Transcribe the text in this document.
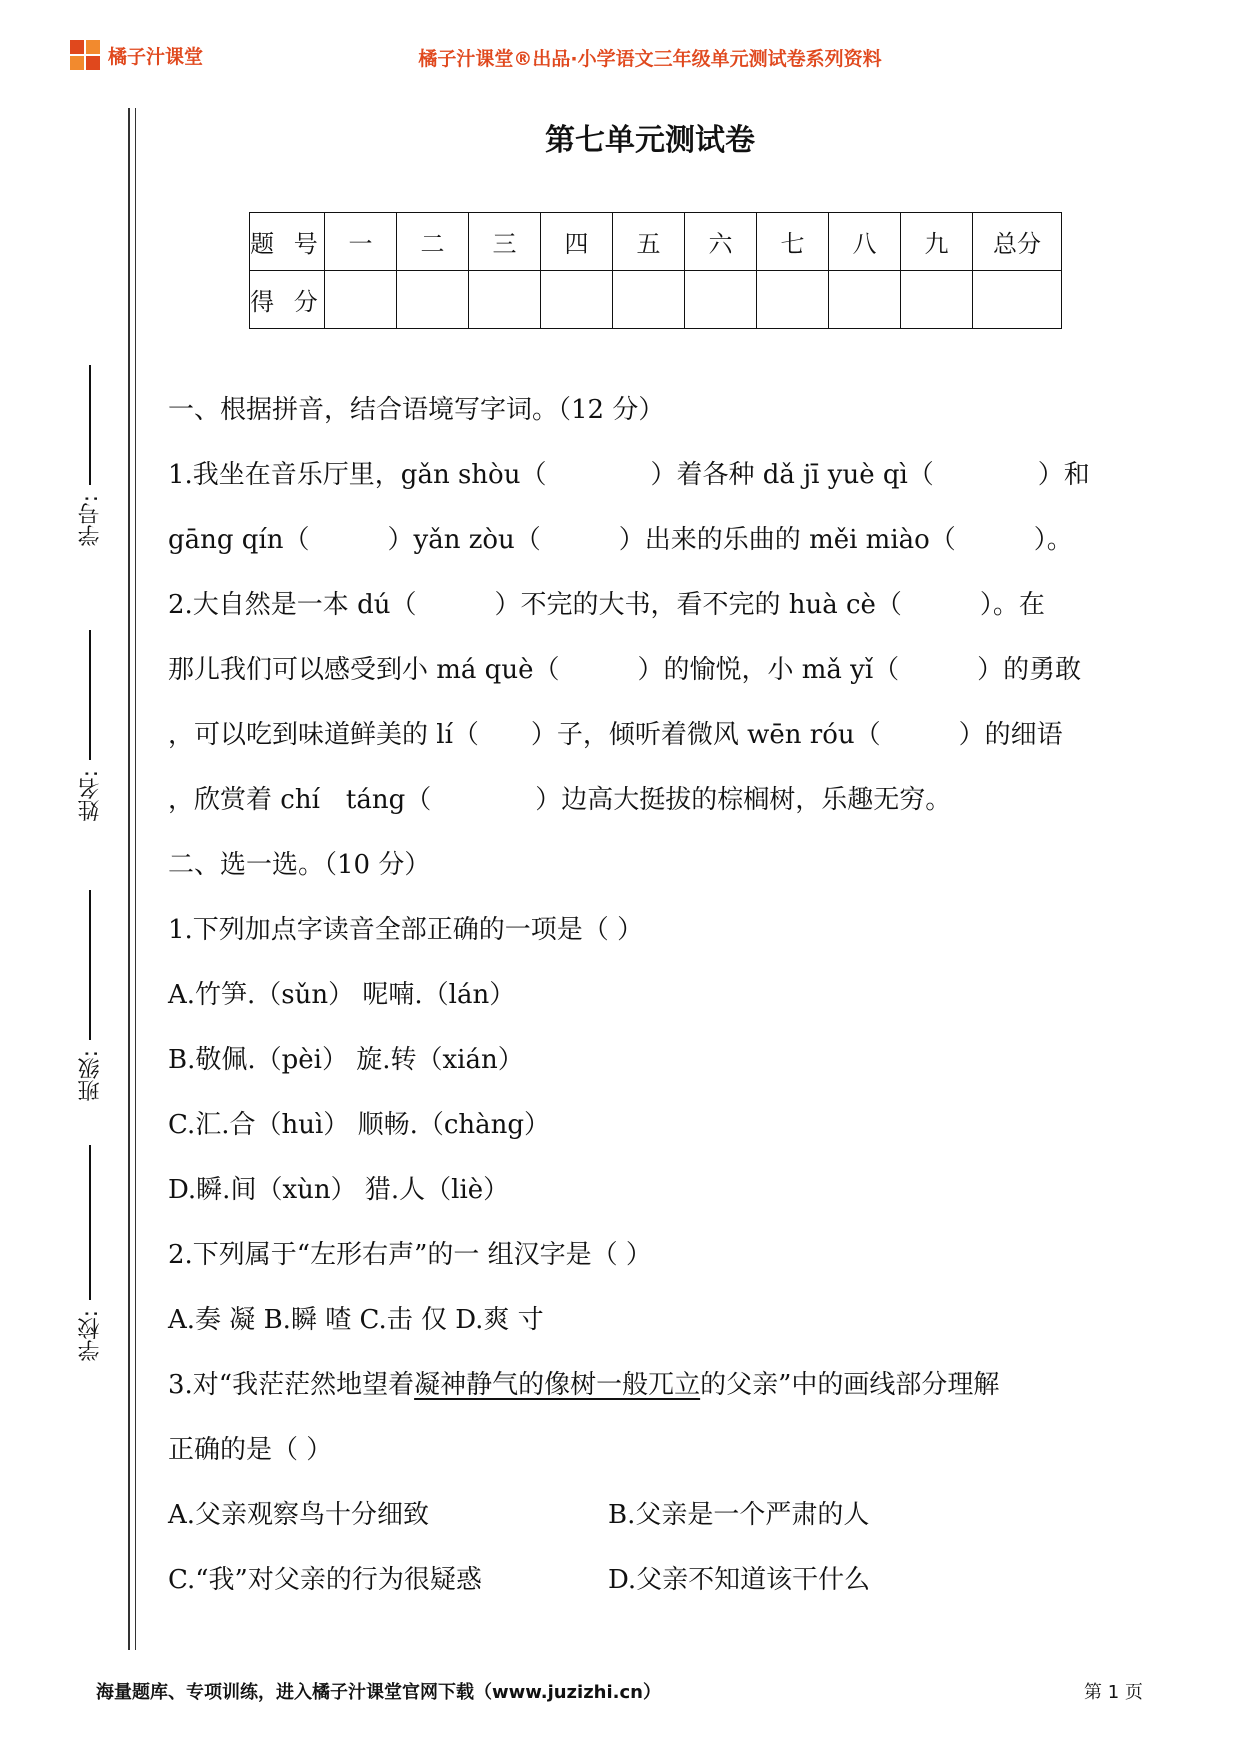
橘子汁课堂	橘子汁课堂®出品·小学语文三年级单元测试卷系列资料
学号:
姓名:
班级:
学校:
第七单元测试卷
题 号	一	二	三	四	五	六	七	八	九	总分
得 分										
一、根据拼音，结合语境写字词。（12 分）
1.我坐在音乐厅里，gǎn shòu（　　　　）着各种 dǎ jī yuè qì（　　　　）和
gāng qín（　　　）yǎn zòu（　　　）出来的乐曲的 měi miào（　　　）。
2.大自然是一本 dú（　　　）不完的大书，看不完的 huà cè（　　　）。在
那儿我们可以感受到小 má què（　　　）的愉悦，小 mǎ yǐ（　　　）的勇敢
，可以吃到味道鲜美的 lí（　　）子，倾听着微风 wēn róu（　　　）的细语
，欣赏着 chí　táng（　　　　）边高大挺拔的棕榈树，乐趣无穷。
二、选一选。（10 分）
1.下列加点字读音全部正确的一项是（ ）
A.竹笋.（sǔn） 呢喃.（lán）
B.敬佩.（pèi） 旋.转（xián）
C.汇.合（huì） 顺畅.（chàng）
D.瞬.间（xùn） 猎.人（liè）
2.下列属于“左形右声”的一 组汉字是（ ）
A.奏 凝 B.瞬 喳 C.击 仅 D.爽 寸
3.对“我茫茫然地望着凝神静气的像树一般兀立的父亲”中的画线部分理解
正确的是（ ）
A.父亲观察鸟十分细致	B.父亲是一个严肃的人
C.“我”对父亲的行为很疑惑	D.父亲不知道该干什么
海量题库、专项训练，进入橘子汁课堂官网下载（www.juzizhi.cn）	第 1 页
